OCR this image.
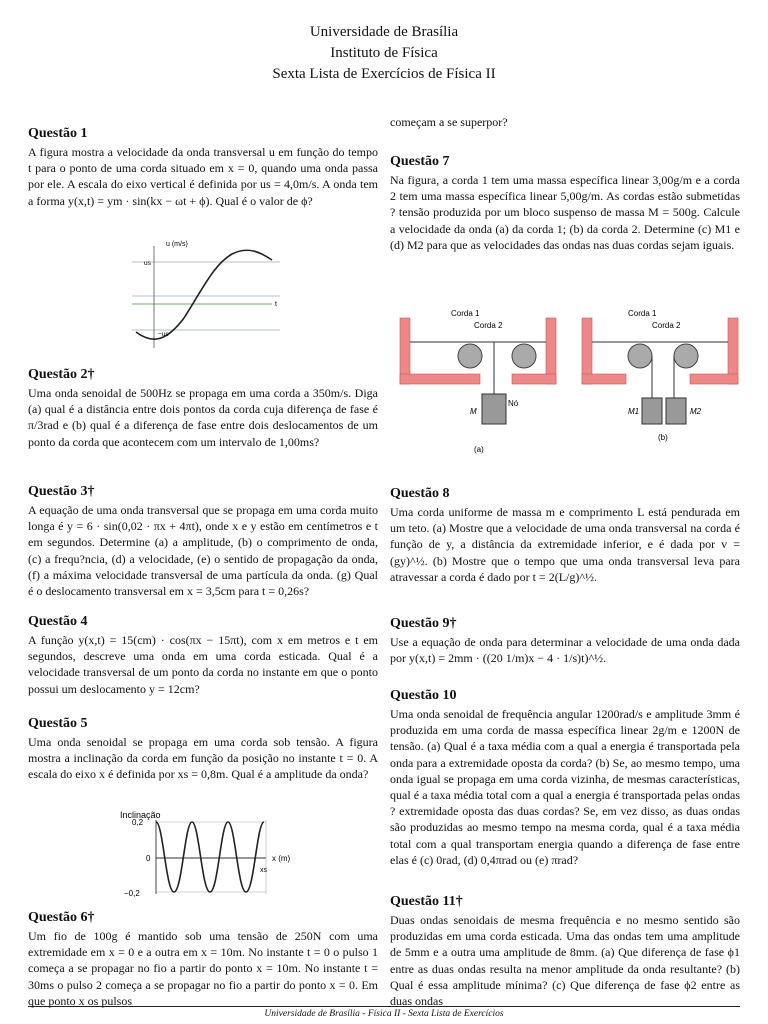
Universidade de Brasília
Instituto de Física
Sexta Lista de Exercícios de Física II
Questão 1

A figura mostra a velocidade da onda transversal u em função do tempo t para o ponto de uma corda situado em x = 0, quando uma onda passa por ele. A escala do eixo vertical é definida por us = 4,0m/s. A onda tem a forma y(x,t) = ym · sin(kx − ωt + ϕ). Qual é o valor de ϕ?

u (m/s)
us
−us
t
Questão 2†

Uma onda senoidal de 500Hz se propaga em uma corda a 350m/s. Diga (a) qual é a distância entre dois pontos da corda cuja diferença de fase é π/3rad e (b) qual é a diferença de fase entre dois deslocamentos de um ponto da corda que acontecem com um intervalo de 1,00ms?

Questão 3†

A equação de uma onda transversal que se propaga em uma corda muito longa é y = 6 · sin(0,02 · πx + 4πt), onde x e y estão em centímetros e t em segundos. Determine (a) a amplitude, (b) o comprimento de onda, (c) a frequ?ncia, (d) a velocidade, (e) o sentido de propagação da onda, (f) a máxima velocidade transversal de uma partícula da onda. (g) Qual é o deslocamento transversal em x = 3,5cm para t = 0,26s?

Questão 4

A função y(x,t) = 15(cm) · cos(πx − 15πt), com x em metros e t em segundos, descreve uma onda em uma corda esticada. Qual é a velocidade transversal de um ponto da corda no instante em que o ponto possui um deslocamento y = 12cm?

Questão 5

Uma onda senoidal se propaga em uma corda sob tensão. A figura mostra a inclinação da corda em função da posição no instante t = 0. A escala do eixo x é definida por xs = 0,8m. Qual é a amplitude da onda?

Inclinação
0,2
0
−0,2
x (m)
xs
Questão 6†

Um fio de 100g é mantido sob uma tensão de 250N com uma extremidade em x = 0 e a outra em x = 10m. No instante t = 0 o pulso 1 começa a se propagar no fio a partir do ponto x = 10m. No instante t = 30ms o pulso 2 começa a se propagar no fio a partir do ponto x = 0. Em que ponto x os pulsos

começam a se superpor?

Questão 7

Na figura, a corda 1 tem uma massa específica linear 3,00g/m e a corda 2 tem uma massa específica linear 5,00g/m. As cordas estão submetidas ? tensão produzida por um bloco suspenso de massa M = 500g. Calcule a velocidade da onda (a) da corda 1; (b) da corda 2. Determine (c) M1 e (d) M2 para que as velocidades das ondas nas duas cordas sejam iguais.

Corda 1
Corda 2
Nó
M
(a)
Corda 1
Corda 2
M1	M2
(b)
Questão 8

Uma corda uniforme de massa m e comprimento L está pendurada em um teto. (a) Mostre que a velocidade de uma onda transversal na corda é função de y, a distância da extremidade inferior, e é dada por v = (gy)^½. (b) Mostre que o tempo que uma onda transversal leva para atravessar a corda é dado por t = 2(L/g)^½.

Questão 9†

Use a equação de onda para determinar a velocidade de uma onda dada por y(x,t) = 2mm · ((20 1/m)x − 4 · 1/s)t)^½.

Questão 10

Uma onda senoidal de frequência angular 1200rad/s e amplitude 3mm é produzida em uma corda de massa específica linear 2g/m e 1200N de tensão. (a) Qual é a taxa média com a qual a energia é transportada pela onda para a extremidade oposta da corda? (b) Se, ao mesmo tempo, uma onda igual se propaga em uma corda vizinha, de mesmas características, qual é a taxa média total com a qual a energia é transportada pelas ondas ? extremidade oposta das duas cordas? Se, em vez disso, as duas ondas são produzidas ao mesmo tempo na mesma corda, qual é a taxa média total com a qual transportam energia quando a diferença de fase entre elas é (c) 0rad, (d) 0,4πrad ou (e) πrad?

Questão 11†

Duas ondas senoidais de mesma frequência e no mesmo sentido são produzidas em uma corda esticada. Uma das ondas tem uma amplitude de 5mm e a outra uma amplitude de 8mm. (a) Que diferença de fase ϕ1 entre as duas ondas resulta na menor amplitude da onda resultante? (b) Qual é essa amplitude mínima? (c) Que diferença de fase ϕ2 entre as duas ondas

Universidade de Brasília - Física II - Sexta Lista de Exercícios
